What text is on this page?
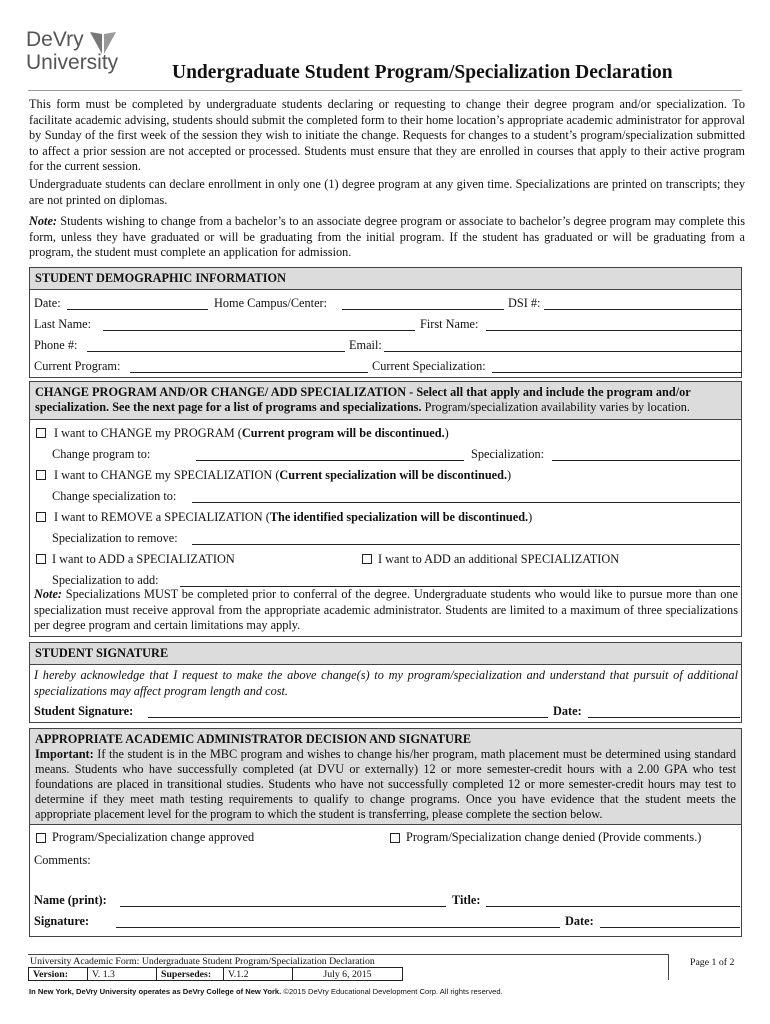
DeVry
University	Undergraduate Student Program/Specialization Declaration

This form must be completed by undergraduate students declaring or requesting to change their degree program and/or specialization. To facilitate academic advising, students should submit the completed form to their home location’s appropriate academic administrator for approval by Sunday of the first week of the session they wish to initiate the change. Requests for changes to a student’s program/specialization submitted to affect a prior session are not accepted or processed. Students must ensure that they are enrolled in courses that apply to their active program for the current session.

Undergraduate students can declare enrollment in only one (1) degree program at any given time. Specializations are printed on transcripts; they are not printed on diplomas.

Note: Students wishing to change from a bachelor’s to an associate degree program or associate to bachelor’s degree program may complete this form, unless they have graduated or will be graduating from the initial program. If the student has graduated or will be graduating from a program, the student must complete an application for admission.

STUDENT DEMOGRAPHIC INFORMATION
Date:	Home Campus/Center:	DSI #:
Last Name:	First Name:
Phone #:	Email:
Current Program:	Current Specialization:
CHANGE PROGRAM AND/OR CHANGE/ ADD SPECIALIZATION - Select all that apply and include the program and/or specialization. See the next page for a list of programs and specializations. Program/specialization availability varies by location.
I want to CHANGE my PROGRAM (Current program will be discontinued.)
Change program to:	Specialization:
I want to CHANGE my SPECIALIZATION (Current specialization will be discontinued.)
Change specialization to:
I want to REMOVE a SPECIALIZATION (The identified specialization will be discontinued.)
Specialization to remove:
I want to ADD a SPECIALIZATION	I want to ADD an additional SPECIALIZATION
Specialization to add:

Note: Specializations MUST be completed prior to conferral of the degree. Undergraduate students who would like to pursue more than one specialization must receive approval from the appropriate academic administrator. Students are limited to a maximum of three specializations per degree program and certain limitations may apply.

STUDENT SIGNATURE

I hereby acknowledge that I request to make the above change(s) to my program/specialization and understand that pursuit of additional specializations may affect program length and cost.

Student Signature:	Date:
APPROPRIATE ACADEMIC ADMINISTRATOR DECISION AND SIGNATURE
Important: If the student is in the MBC program and wishes to change his/her program, math placement must be determined using standard means. Students who have successfully completed (at DVU or externally) 12 or more semester-credit hours with a 2.00 GPA who test foundations are placed in transitional studies. Students who have not successfully completed 12 or more semester-credit hours may test to determine if they meet math testing requirements to qualify to change programs. Once you have evidence that the student meets the appropriate placement level for the program to which the student is transferring, please complete the section below.
Program/Specialization change approved	Program/Specialization change denied (Provide comments.)
Comments:
Name (print):	Title:
Signature:	Date:
University Academic Form: Undergraduate Student Program/Specialization Declaration	Page 1 of 2
Version:	V. 1.3	Supersedes:	V.1.2	July 6, 2015
In New York, DeVry University operates as DeVry College of New York. ©2015 DeVry Educational Development Corp. All rights reserved.
